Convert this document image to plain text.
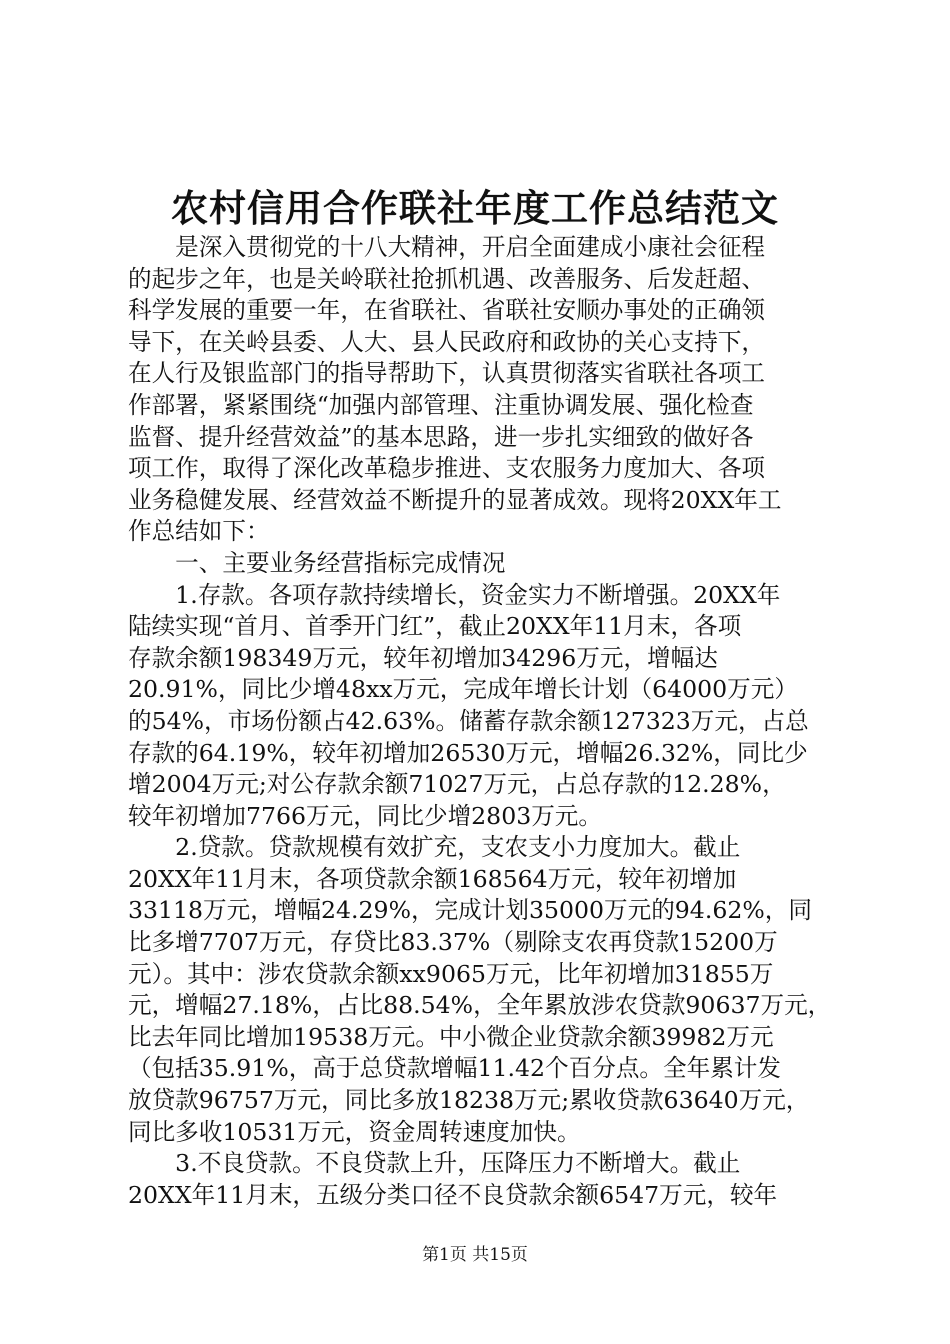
农村信用合作联社年度工作总结范文
　　是深入贯彻党的十八大精神，开启全面建成小康社会征程
的起步之年，也是关岭联社抢抓机遇、改善服务、后发赶超、
科学发展的重要一年，在省联社、省联社安顺办事处的正确领
导下，在关岭县委、人大、县人民政府和政协的关心支持下，
在人行及银监部门的指导帮助下，认真贯彻落实省联社各项工
作部署，紧紧围绕“加强内部管理、注重协调发展、强化检查
监督、提升经营效益”的基本思路，进一步扎实细致的做好各
项工作，取得了深化改革稳步推进、支农服务力度加大、各项
业务稳健发展、经营效益不断提升的显著成效。现将20XX年工
作总结如下：
　　一、主要业务经营指标完成情况
　　1.存款。各项存款持续增长，资金实力不断增强。20XX年
陆续实现“首月、首季开门红”，截止20XX年11月末，各项
存款余额198349万元，较年初增加34296万元，增幅达
20.91%，同比少增48xx万元，完成年增长计划（64000万元）
的54%，市场份额占42.63%。储蓄存款余额127323万元，占总
存款的64.19%，较年初增加26530万元，增幅26.32%，同比少
增2004万元;对公存款余额71027万元，占总存款的12.28%，
较年初增加7766万元，同比少增2803万元。
　　2.贷款。贷款规模有效扩充，支农支小力度加大。截止
20XX年11月末，各项贷款余额168564万元，较年初增加
33118万元，增幅24.29%，完成计划35000万元的94.62%，同
比多增7707万元，存贷比83.37%（剔除支农再贷款15200万
元）。其中：涉农贷款余额xx9065万元，比年初增加31855万
元，增幅27.18%，占比88.54%，全年累放涉农贷款90637万元，
比去年同比增加19538万元。中小微企业贷款余额39982万元
（包括35.91%，高于总贷款增幅11.42个百分点。全年累计发
放贷款96757万元，同比多放18238万元;累收贷款63640万元，
同比多收10531万元，资金周转速度加快。
　　3.不良贷款。不良贷款上升，压降压力不断增大。截止
20XX年11月末，五级分类口径不良贷款余额6547万元，较年
第1页 共15页
